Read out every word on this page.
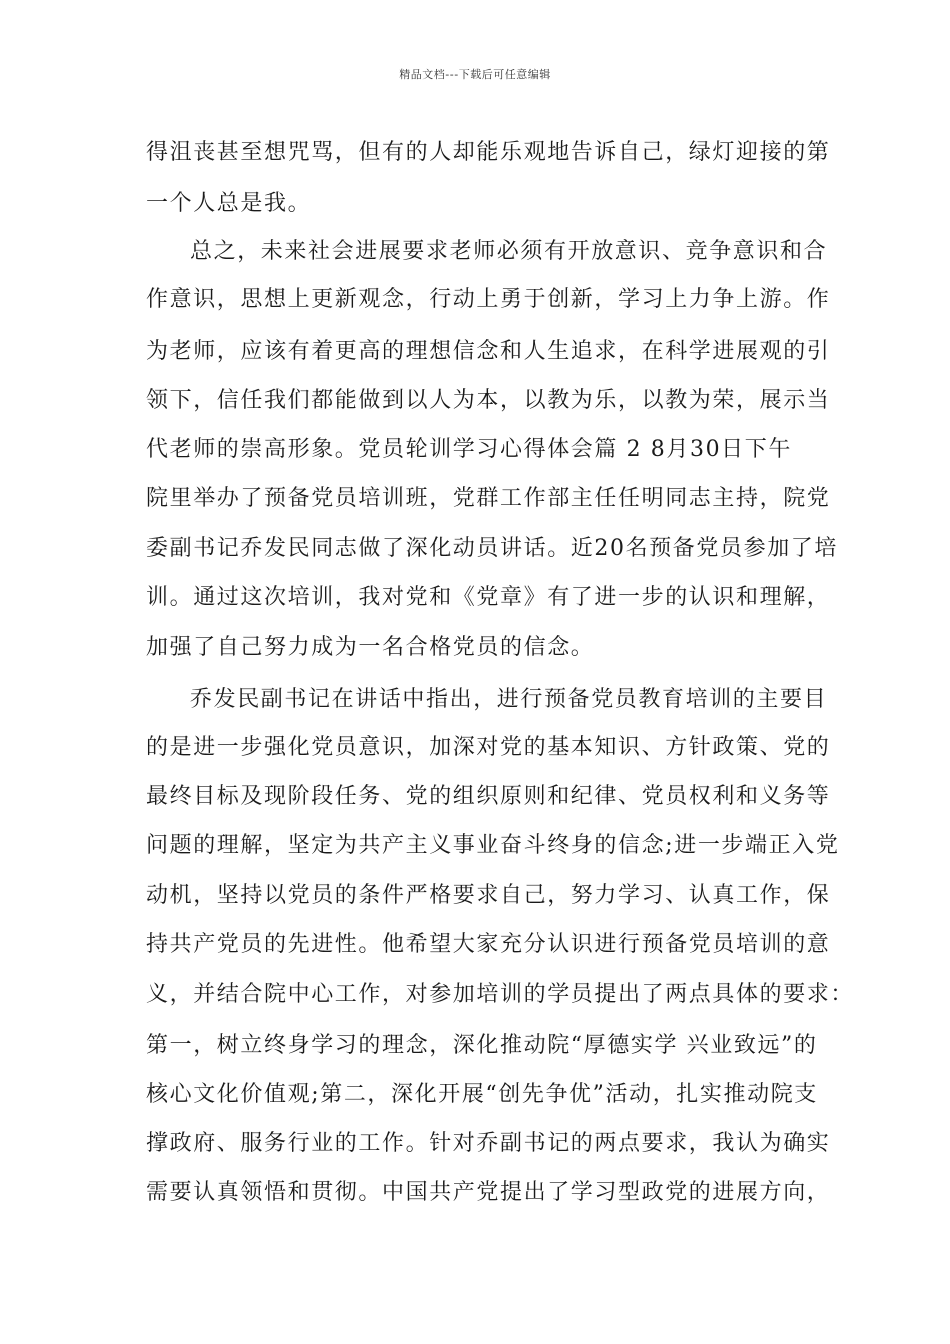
精品文档---下载后可任意编辑
得沮丧甚至想咒骂，但有的人却能乐观地告诉自己，绿灯迎接的第
一个人总是我。
总之，未来社会进展要求老师必须有开放意识、竞争意识和合
作意识，思想上更新观念，行动上勇于创新，学习上力争上游。作
为老师，应该有着更高的理想信念和人生追求，在科学进展观的引
领下，信任我们都能做到以人为本，以教为乐，以教为荣，展示当
代老师的崇高形象。党员轮训学习心得体会篇 2 8月30日下午
院里举办了预备党员培训班，党群工作部主任任明同志主持，院党
委副书记乔发民同志做了深化动员讲话。近20名预备党员参加了培
训。通过这次培训，我对党和《党章》有了进一步的认识和理解，
加强了自己努力成为一名合格党员的信念。
乔发民副书记在讲话中指出，进行预备党员教育培训的主要目
的是进一步强化党员意识，加深对党的基本知识、方针政策、党的
最终目标及现阶段任务、党的组织原则和纪律、党员权利和义务等
问题的理解，坚定为共产主义事业奋斗终身的信念;进一步端正入党
动机，坚持以党员的条件严格要求自己，努力学习、认真工作，保
持共产党员的先进性。他希望大家充分认识进行预备党员培训的意
义，并结合院中心工作，对参加培训的学员提出了两点具体的要求：
第一，树立终身学习的理念，深化推动院“厚德实学 兴业致远”的
核心文化价值观;第二，深化开展“创先争优”活动，扎实推动院支
撑政府、服务行业的工作。针对乔副书记的两点要求，我认为确实
需要认真领悟和贯彻。中国共产党提出了学习型政党的进展方向，
